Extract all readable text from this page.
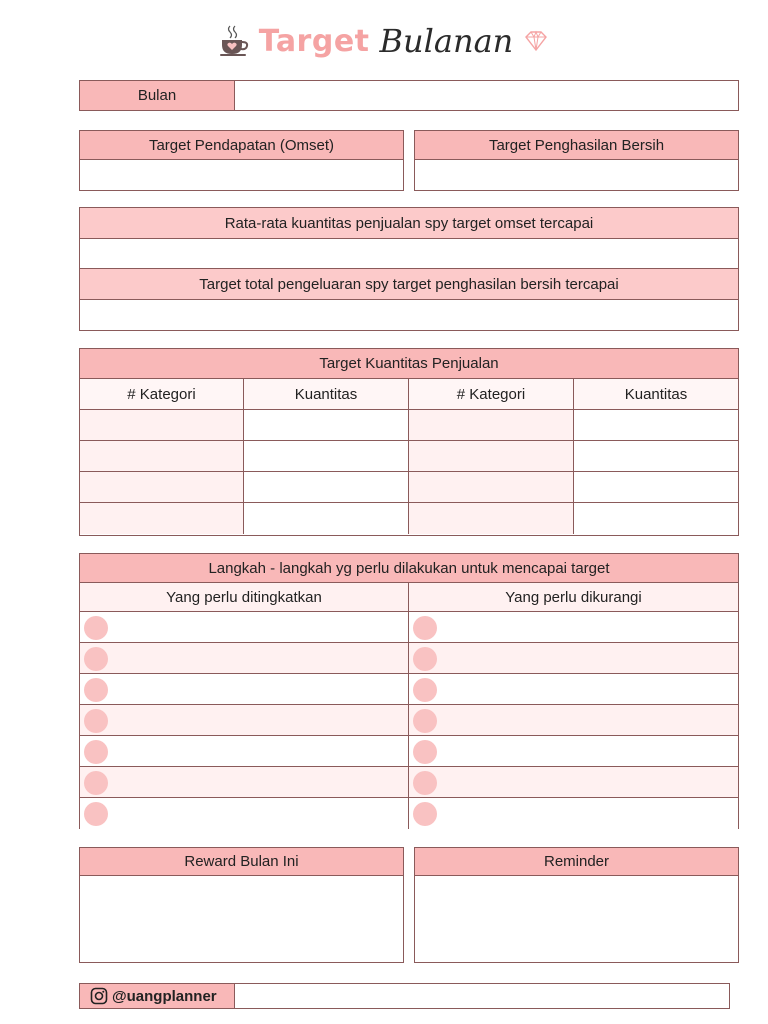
Target Bulanan
Bulan
Target Pendapatan (Omset)	Target Penghasilan Bersih
Rata-rata kuantitas penjualan spy target omset tercapai
Target total pengeluaran spy target penghasilan bersih tercapai
Target Kuantitas Penjualan
# Kategori	Kuantitas	# Kategori	Kuantitas
Langkah - langkah yg perlu dilakukan untuk mencapai target
Yang perlu ditingkatkan	Yang perlu dikurangi
Reward Bulan Ini	Reminder
@uangplanner
